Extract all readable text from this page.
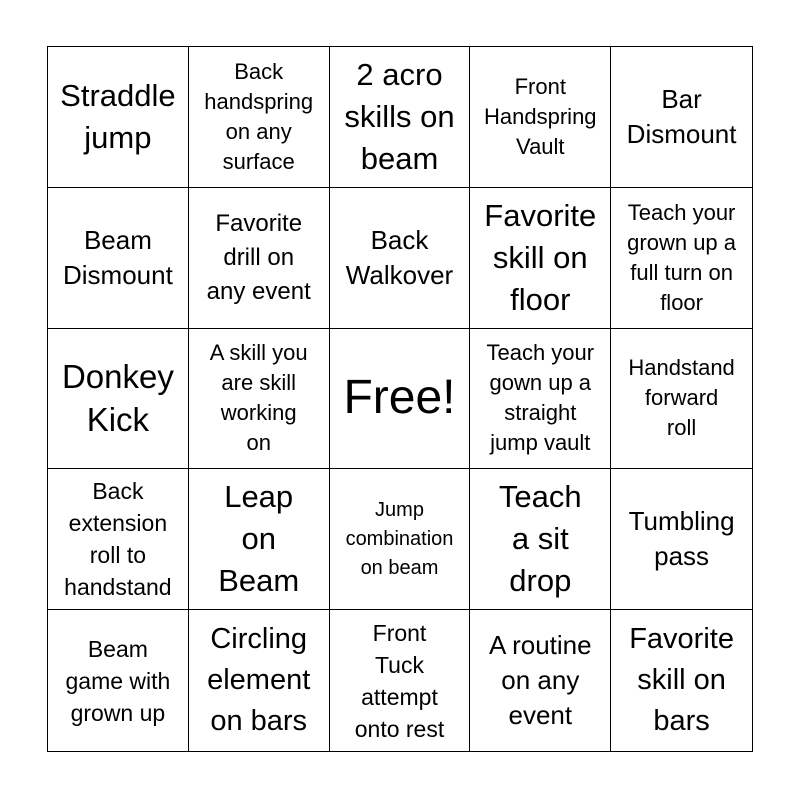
Straddle
jump
Back
handspring
on any
surface
2 acro
skills on
beam
Front
Handspring
Vault
Bar
Dismount
Beam
Dismount
Favorite
drill on
any event
Back
Walkover
Favorite
skill on
floor
Teach your
grown up a
full turn on
floor
Donkey
Kick
A skill you
are skill
working
on
Free!
Teach your
gown up a
straight
jump vault
Handstand
forward
roll
Back
extension
roll to
handstand
Leap
on
Beam
Jump
combination
on beam
Teach
a sit
drop
Tumbling
pass
Beam
game with
grown up
Circling
element
on bars
Front
Tuck
attempt
onto rest
A routine
on any
event
Favorite
skill on
bars
